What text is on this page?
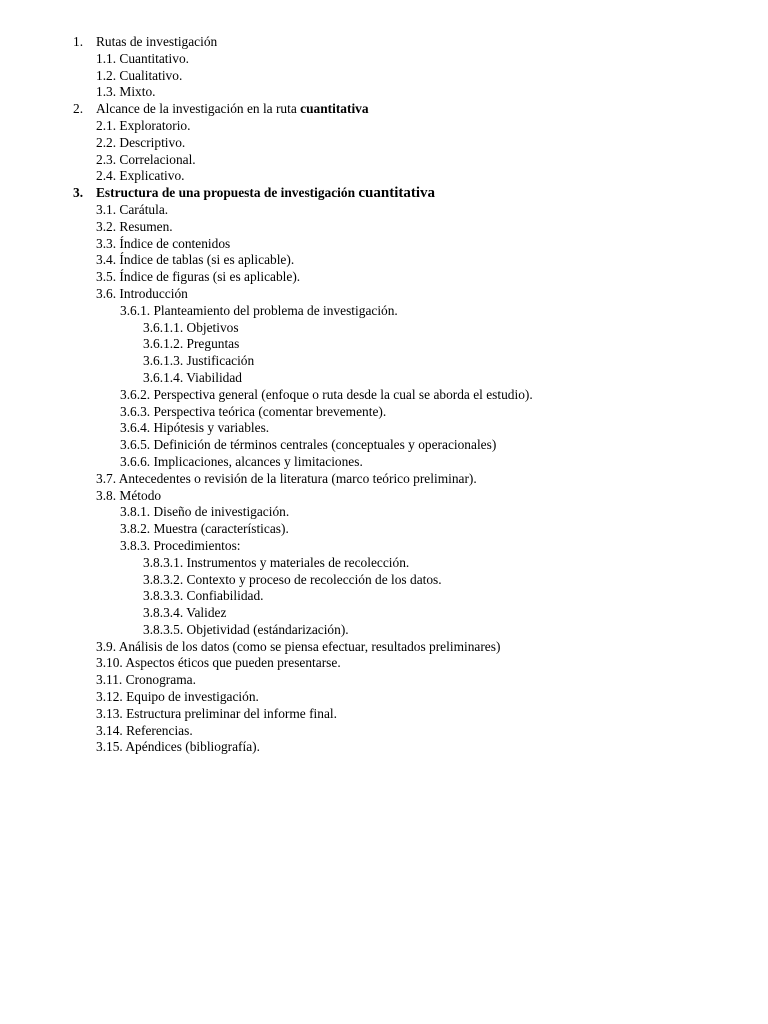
1. Rutas de investigación
1.1. Cuantitativo.
1.2. Cualitativo.
1.3. Mixto.
2. Alcance de la investigación en la ruta cuantitativa
2.1. Exploratorio.
2.2. Descriptivo.
2.3. Correlacional.
2.4. Explicativo.
3. Estructura de una propuesta de investigación cuantitativa
3.1. Carátula.
3.2. Resumen.
3.3. Índice de contenidos
3.4. Índice de tablas (si es aplicable).
3.5. Índice de figuras (si es aplicable).
3.6. Introducción
3.6.1. Planteamiento del problema de investigación.
3.6.1.1. Objetivos
3.6.1.2. Preguntas
3.6.1.3. Justificación
3.6.1.4. Viabilidad
3.6.2. Perspectiva general (enfoque o ruta desde la cual se aborda el estudio).
3.6.3. Perspectiva teórica (comentar brevemente).
3.6.4. Hipótesis y variables.
3.6.5. Definición de términos centrales (conceptuales y operacionales)
3.6.6. Implicaciones, alcances y limitaciones.
3.7. Antecedentes o revisión de la literatura (marco teórico preliminar).
3.8. Método
3.8.1. Diseño de inivestigación.
3.8.2. Muestra (características).
3.8.3. Procedimientos:
3.8.3.1. Instrumentos y materiales de recolección.
3.8.3.2. Contexto y proceso de recolección de los datos.
3.8.3.3. Confiabilidad.
3.8.3.4. Validez
3.8.3.5. Objetividad (estándarización).
3.9. Análisis de los datos (como se piensa efectuar, resultados preliminares)
3.10. Aspectos éticos que pueden presentarse.
3.11. Cronograma.
3.12. Equipo de investigación.
3.13. Estructura preliminar del informe final.
3.14. Referencias.
3.15. Apéndices (bibliografía).
